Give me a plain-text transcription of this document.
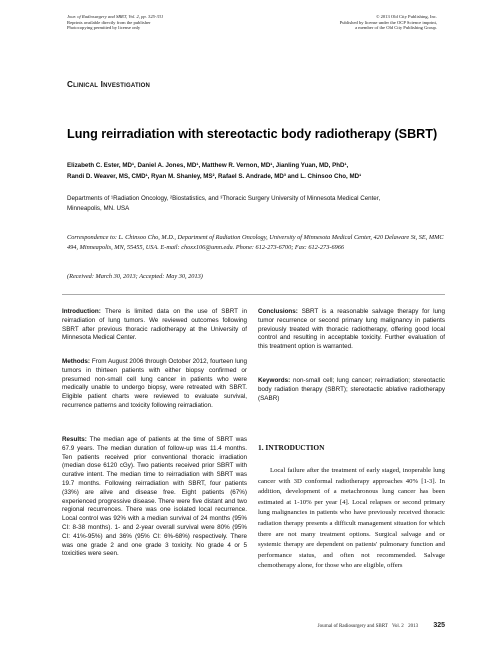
Jour. of Radiosurgery and SBRT, Vol. 2, pp. 325-331
Reprints available directly from the publisher
Photocopying permitted by license only
© 2013 Old City Publishing, Inc.
Published by license under the OCP Science imprint,
a member of the Old City Publishing Group.
Clinical Investigation
Lung reirradiation with stereotactic body radiotherapy (SBRT)
Elizabeth C. Ester, MD¹, Daniel A. Jones, MD¹, Matthew R. Vernon, MD¹, Jianling Yuan, MD, PhD¹,
Randi D. Weaver, MS, CMD¹, Ryan M. Shanley, MS², Rafael S. Andrade, MD³ and L. Chinsoo Cho, MD¹
Departments of ¹Radiation Oncology, ²Biostatistics, and ³Thoracic Surgery University of Minnesota Medical Center,
Minneapolis, MN. USA
Correspondence to: L. Chinsoo Cho, M.D., Department of Radiation Oncology, University of Minnesota Medical Center, 420 Delaware St, SE, MMC 494, Minneapolis, MN, 55455, USA. E-mail: choxx106@umn.edu. Phone: 612-273-6700; Fax: 612-273-6966
(Received: March 30, 2013; Accepted: May 30, 2013)

Introduction: There is limited data on the use of SBRT in reirradiation of lung tumors. We reviewed outcomes following SBRT after previous thoracic radiotherapy at the University of Minnesota Medical Center.

Methods: From August 2006 through October 2012, fourteen lung tumors in thirteen patients with either biopsy confirmed or presumed non-small cell lung cancer in patients who were medically unable to undergo biopsy, were retreated with SBRT. Eligible patient charts were reviewed to evaluate survival, recurrence patterns and toxicity following reirradiation.

Results: The median age of patients at the time of SBRT was 67.9 years. The median duration of follow-up was 11.4 months. Ten patients received prior conventional thoracic irradiation (median dose 6120 cGy). Two patients received prior SBRT with curative intent. The median time to reirradiation with SBRT was 19.7 months. Following reirradiation with SBRT, four patients (33%) are alive and disease free. Eight patients (67%) experienced progressive disease. There were five distant and two regional recurrences. There was one isolated local recurrence. Local control was 92% with a median survival of 24 months (95% CI: 8-38 months). 1- and 2-year overall survival were 80% (95% CI: 41%-95%) and 36% (95% CI: 6%-68%) respectively. There was one grade 2 and one grade 3 toxicity. No grade 4 or 5 toxicities were seen.

Conclusions: SBRT is a reasonable salvage therapy for lung tumor recurrence or second primary lung malignancy in patients previously treated with thoracic radiotherapy, offering good local control and resulting in acceptable toxicity. Further evaluation of this treatment option is warranted.

Keywords: non-small cell; lung cancer; reirradiation; stereotactic body radiation therapy (SBRT); stereotactic ablative radiotherapy (SABR)

1. INTRODUCTION
Local failure after the treatment of early staged, inoperable lung cancer with 3D conformal radiotherapy approaches 40% [1-3]. In addition, development of a metachronous lung cancer has been estimated at 1-10% per year [4]. Local relapses or second primary lung malignancies in patients who have previously received thoracic radiation therapy presents a difficult management situation for which there are not many treatment options. Surgical salvage and or systemic therapy are dependent on patients' pulmonary function and performance status, and often not recommended. Salvage chemotherapy alone, for those who are eligible, offers
Journal of Radiosurgery and SBRT Vol. 2 2013 325
